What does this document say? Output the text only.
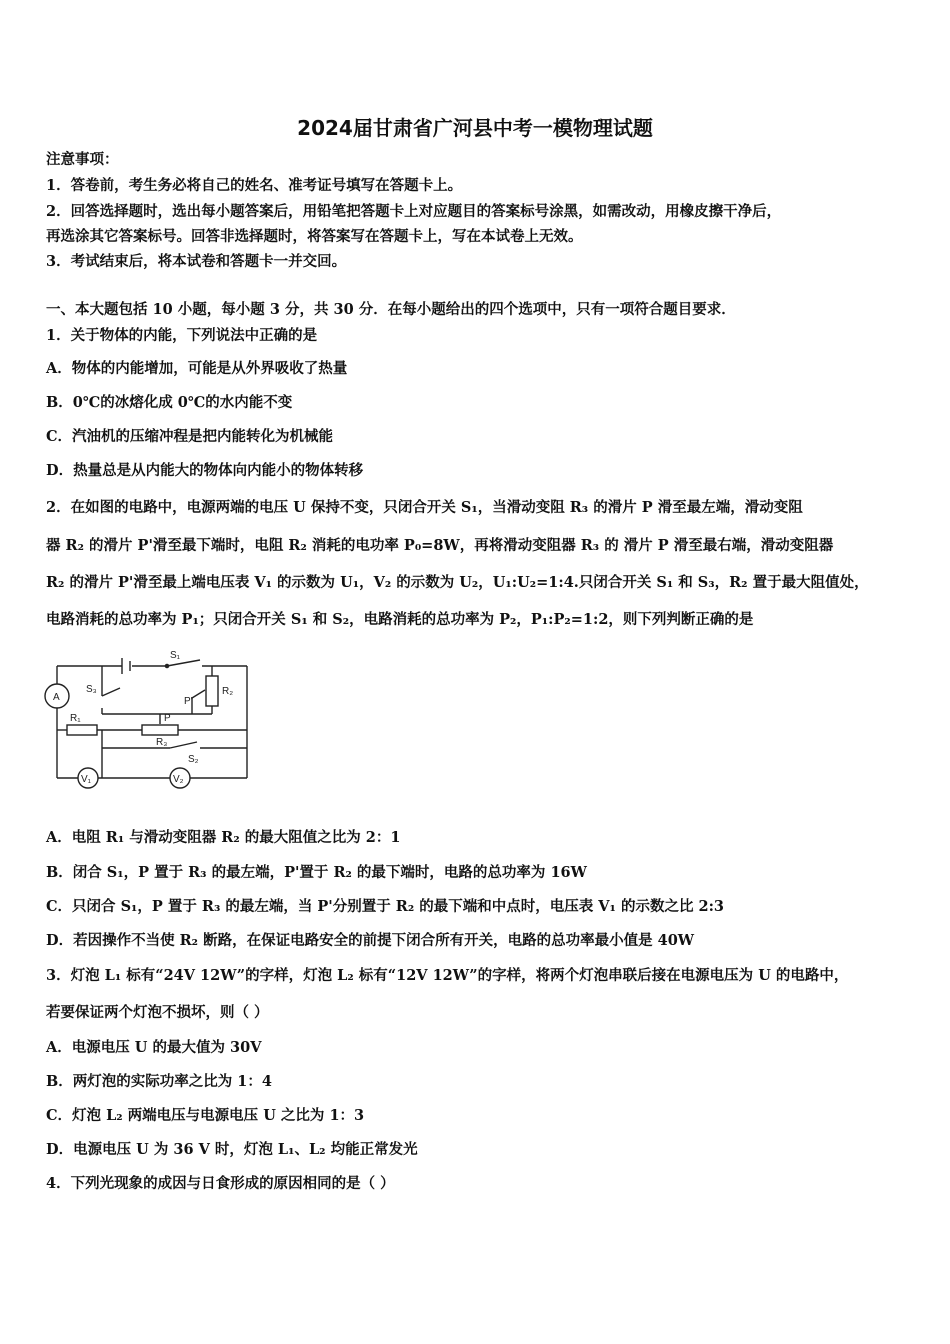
2024届甘肃省广河县中考一模物理试题
注意事项：
1．答卷前，考生务必将自己的姓名、准考证号填写在答题卡上。
2．回答选择题时，选出每小题答案后，用铅笔把答题卡上对应题目的答案标号涂黑，如需改动，用橡皮擦干净后，
再选涂其它答案标号。回答非选择题时，将答案写在答题卡上，写在本试卷上无效。
3．考试结束后，将本试卷和答题卡一并交回。
一、本大题包括 10 小题，每小题 3 分，共 30 分．在每小题给出的四个选项中，只有一项符合题目要求．
1．关于物体的内能，下列说法中正确的是
A．物体的内能增加，可能是从外界吸收了热量
B．0℃的冰熔化成 0℃的水内能不变
C．汽油机的压缩冲程是把内能转化为机械能
D．热量总是从内能大的物体向内能小的物体转移
2．在如图的电路中，电源两端的电压 U 保持不变，只闭合开关 S₁，当滑动变阻 R₃ 的滑片 P 滑至最左端，滑动变阻
器 R₂ 的滑片 P'滑至最下端时，电阻 R₂ 消耗的电功率 P₀=8W，再将滑动变阻器 R₃ 的 滑片 P 滑至最右端，滑动变阻器
R₂ 的滑片 P'滑至最上端电压表 V₁ 的示数为 U₁，V₂ 的示数为 U₂，U₁:U₂=1:4.只闭合开关 S₁ 和 S₃，R₂ 置于最大阻值处，
电路消耗的总功率为 P₁；只闭合开关 S₁ 和 S₂，电路消耗的总功率为 P₂，P₁:P₂=1:2，则下列判断正确的是
S₁
S₃	R₂
R₁
R₃
P
P'
S₂
A
V₁	V₂
A．电阻 R₁ 与滑动变阻器 R₂ 的最大阻值之比为 2：1
B．闭合 S₁，P 置于 R₃ 的最左端，P'置于 R₂ 的最下端时，电路的总功率为 16W
C．只闭合 S₁，P 置于 R₃ 的最左端，当 P'分别置于 R₂ 的最下端和中点时，电压表 V₁ 的示数之比 2:3
D．若因操作不当使 R₂ 断路，在保证电路安全的前提下闭合所有开关，电路的总功率最小值是 40W
3．灯泡 L₁ 标有“24V 12W”的字样，灯泡 L₂ 标有“12V 12W”的字样，将两个灯泡串联后接在电源电压为 U 的电路中，
若要保证两个灯泡不损坏，则（ ）
A．电源电压 U 的最大值为 30V
B．两灯泡的实际功率之比为 1：4
C．灯泡 L₂ 两端电压与电源电压 U 之比为 1：3
D．电源电压 U 为 36 V 时，灯泡 L₁、L₂ 均能正常发光
4．下列光现象的成因与日食形成的原因相同的是（ ）
